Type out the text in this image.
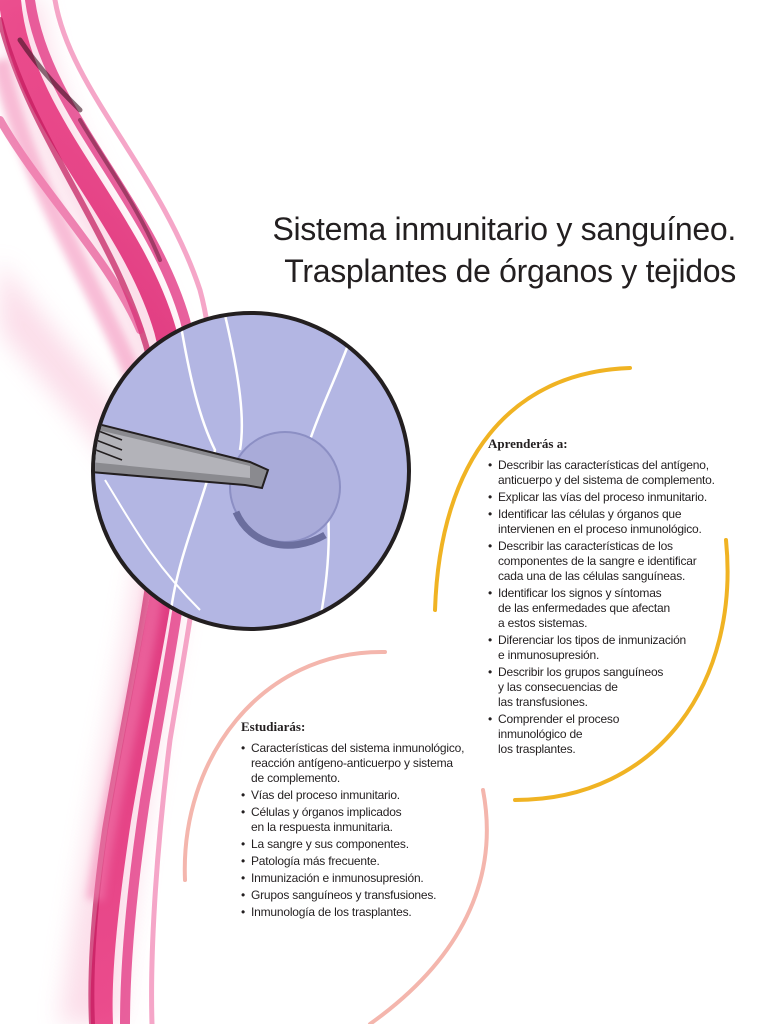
Sistema inmunitario y sanguíneo.
Trasplantes de órganos y tejidos
Aprenderás a:
• Describir las características del antígeno,
anticuerpo y del sistema de complemento.
• Explicar las vías del proceso inmunitario.
• Identificar las células y órganos que
intervienen en el proceso inmunológico.
• Describir las características de los
componentes de la sangre e identificar
cada una de las células sanguíneas.
• Identificar los signos y síntomas
de las enfermedades que afectan
a estos sistemas.
• Diferenciar los tipos de inmunización
e inmunosupresión.
• Describir los grupos sanguíneos
y las consecuencias de
las transfusiones.
• Comprender el proceso
inmunológico de
los trasplantes.
Estudiarás:
• Características del sistema inmunológico,
reacción antígeno-anticuerpo y sistema
de complemento.
• Vías del proceso inmunitario.
• Células y órganos implicados
en la respuesta inmunitaria.
• La sangre y sus componentes.
• Patología más frecuente.
• Inmunización e inmunosupresión.
• Grupos sanguíneos y transfusiones.
• Inmunología de los trasplantes.
